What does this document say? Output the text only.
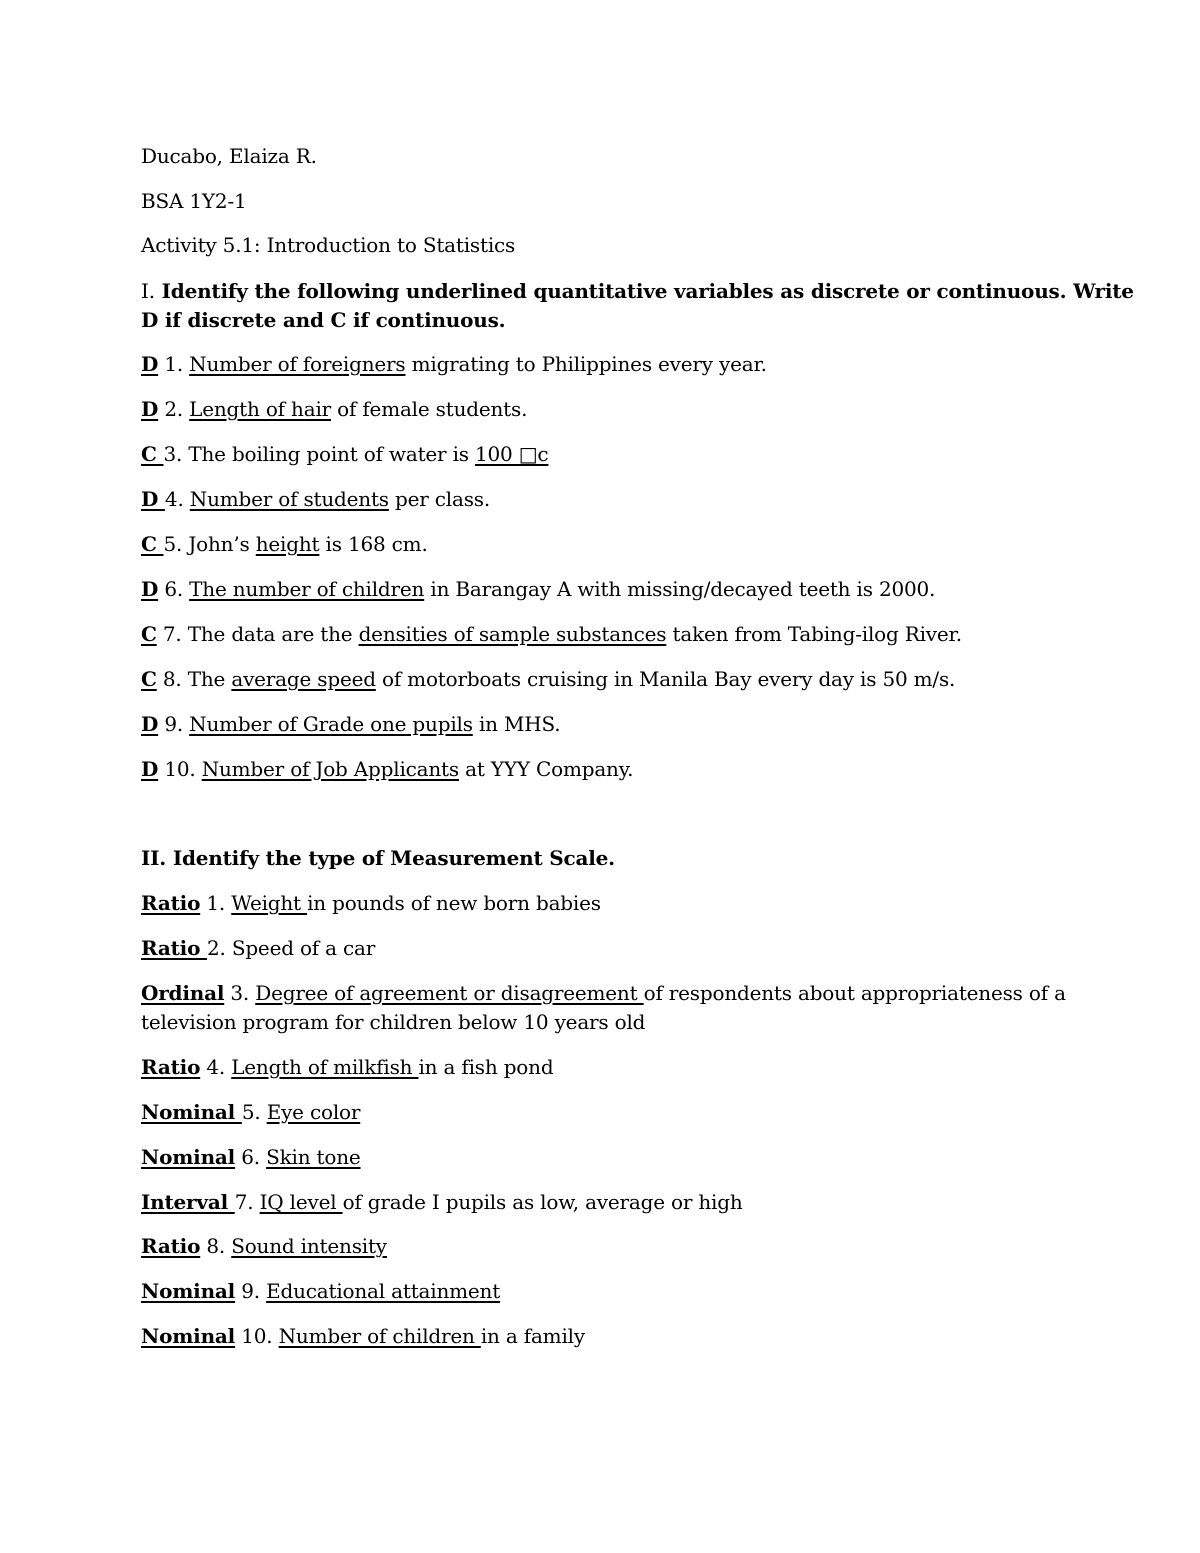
Ducabo, Elaiza R.
BSA 1Y2-1
Activity 5.1: Introduction to Statistics
I. Identify the following underlined quantitative variables as discrete or continuous. Write
D if discrete and C if continuous.
D 1. Number of foreigners migrating to Philippines every year.
D 2. Length of hair of female students.
C 3. The boiling point of water is 100 □c
D 4. Number of students per class.
C 5. John’s height is 168 cm.
D 6. The number of children in Barangay A with missing/decayed teeth is 2000.
C 7. The data are the densities of sample substances taken from Tabing-ilog River.
C 8. The average speed of motorboats cruising in Manila Bay every day is 50 m/s.
D 9. Number of Grade one pupils in MHS.
D 10. Number of Job Applicants at YYY Company.
II. Identify the type of Measurement Scale.
Ratio 1. Weight in pounds of new born babies
Ratio 2. Speed of a car
Ordinal 3. Degree of agreement or disagreement of respondents about appropriateness of a
television program for children below 10 years old
Ratio 4. Length of milkfish in a fish pond
Nominal 5. Eye color
Nominal 6. Skin tone
Interval 7. IQ level of grade I pupils as low, average or high
Ratio 8. Sound intensity
Nominal 9. Educational attainment
Nominal 10. Number of children in a family
